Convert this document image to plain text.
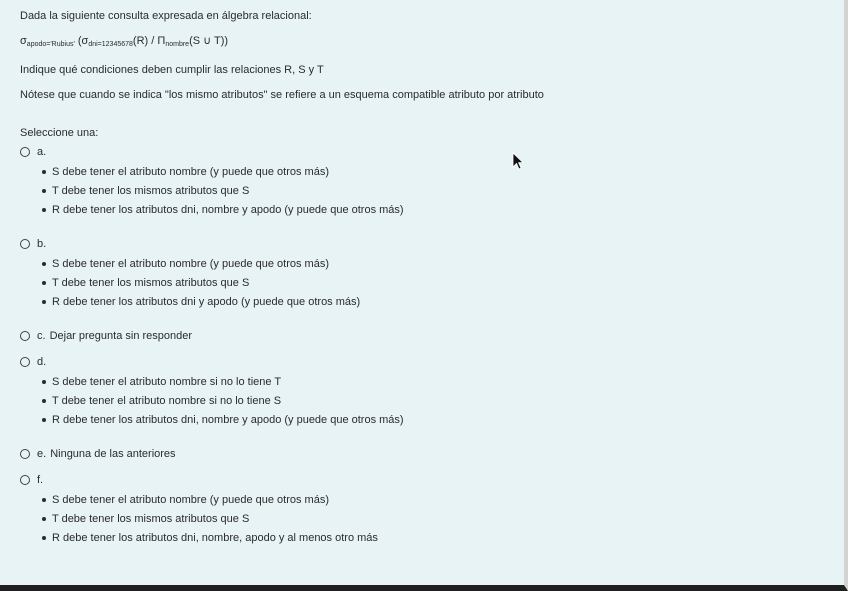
Dada la siguiente consulta expresada en álgebra relacional:
$\sigma_{apodo='Rubius'}$ ($\sigma_{dni=12345678}(R) / \Pi_{nombre}(S$ ∪ T))
Indique qué condiciones deben cumplir las relaciones R, S y T
Nótese que cuando se indica "los mismo atributos" se refiere a un esquema compatible atributo por atributo
Seleccione una:
a.
S debe tener el atributo nombre (y puede que otros más)
T debe tener los mismos atributos que S
R debe tener los atributos dni, nombre y apodo (y puede que otros más)
b.
S debe tener el atributo nombre (y puede que otros más)
T debe tener los mismos atributos que S
R debe tener los atributos dni y apodo (y puede que otros más)
c. Dejar pregunta sin responder
d.
S debe tener el atributo nombre si no lo tiene T
T debe tener el atributo nombre si no lo tiene S
R debe tener los atributos dni, nombre y apodo (y puede que otros más)
e. Ninguna de las anteriores
f.
S debe tener el atributo nombre (y puede que otros más)
T debe tener los mismos atributos que S
R debe tener los atributos dni, nombre, apodo y al menos otro más
